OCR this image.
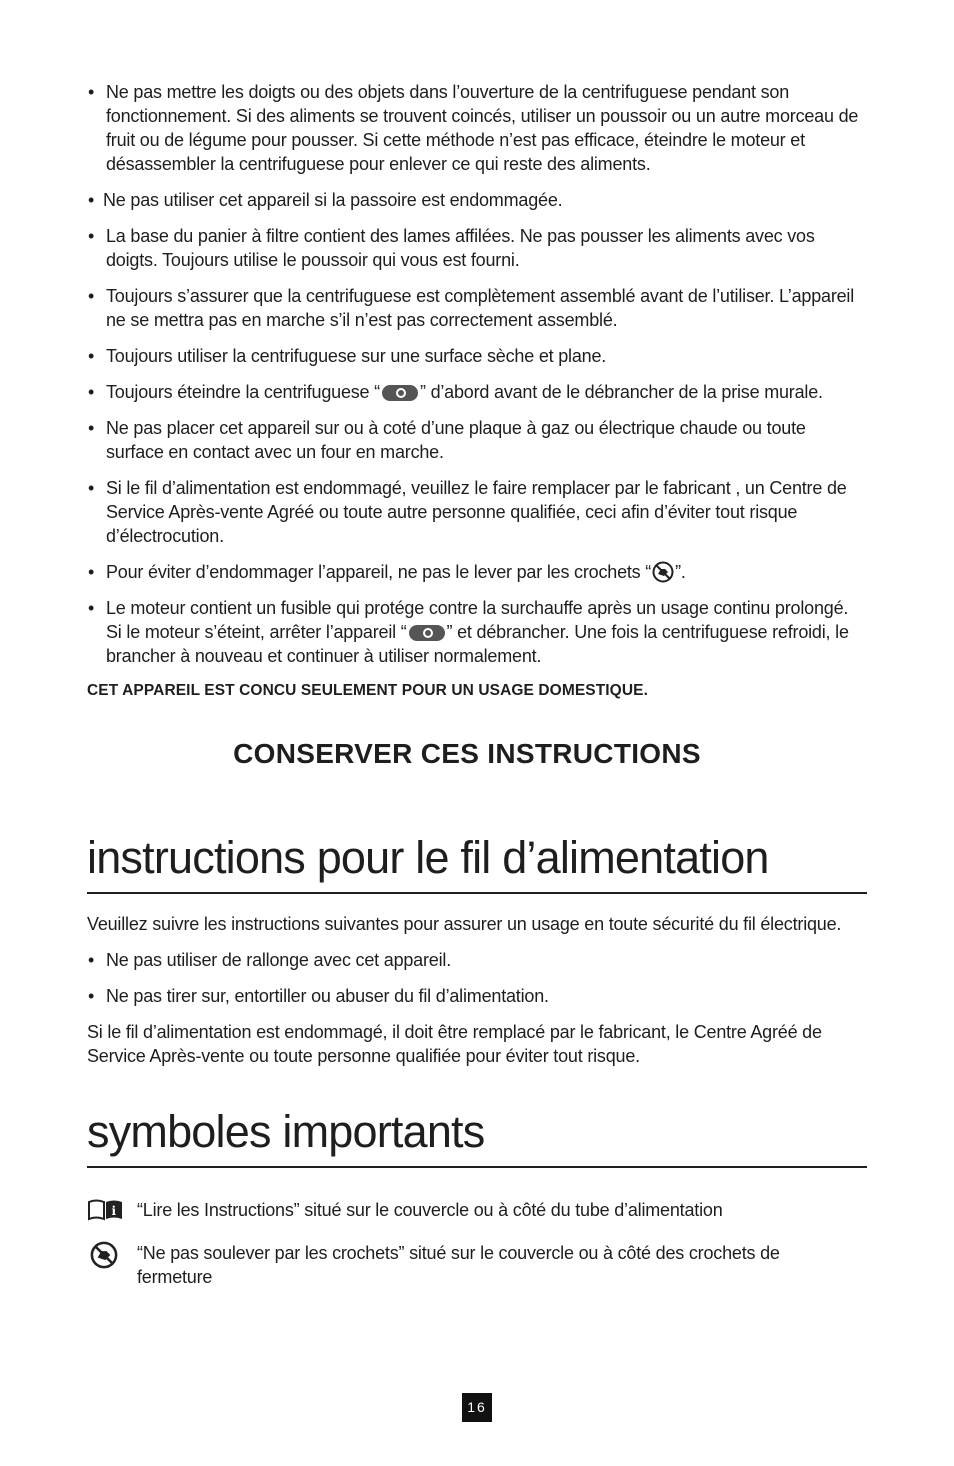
• Ne pas mettre les doigts ou des objets dans l’ouverture de la centrifuguese pendant son fonctionnement. Si des aliments se trouvent coincés, utiliser un poussoir ou un autre morceau de fruit ou de légume pour pousser. Si cette méthode n’est pas efficace, éteindre le moteur et désassembler la centrifuguese pour enlever ce qui reste des aliments.
• Ne pas utiliser cet appareil si la passoire est endommagée.
• La base du panier à filtre contient des lames affilées. Ne pas pousser les aliments avec vos doigts. Toujours utilise le poussoir qui vous est fourni.
• Toujours s’assurer que la centrifuguese est complètement assemblé avant de l’utiliser. L’appareil ne se mettra pas en marche s’il n’est pas correctement assemblé.
• Toujours utiliser la centrifuguese sur une surface sèche et plane.
• Toujours éteindre la centrifuguese “ ” d’abord avant de le débrancher de la prise murale.
• Ne pas placer cet appareil sur ou à coté d’une plaque à gaz ou électrique chaude ou toute surface en contact avec un four en marche.
• Si le fil d’alimentation est endommagé, veuillez le faire remplacer par le fabricant , un Centre de Service Après-vente Agréé ou toute autre personne qualifiée, ceci afin d’éviter tout risque d’électrocution.
• Pour éviter d’endommager l’appareil, ne pas le lever par les crochets “ ”.
• Le moteur contient un fusible qui protége contre la surchauffe après un usage continu prolongé. Si le moteur s’éteint, arrêter l’appareil “ ” et débrancher. Une fois la centrifuguese refroidi, le brancher à nouveau et continuer à utiliser normalement.
CET APPAREIL EST CONCU SEULEMENT POUR UN USAGE DOMESTIQUE.
CONSERVER CES INSTRUCTIONS
instructions pour le fil d’alimentation

Veuillez suivre les instructions suivantes pour assurer un usage en toute sécurité du fil électrique.

• Ne pas utiliser de rallonge avec cet appareil.
• Ne pas tirer sur, entortiller ou abuser du fil d’alimentation.

Si le fil d’alimentation est endommagé, il doit être remplacé par le fabricant, le Centre Agréé de Service Après-vente ou toute personne qualifiée pour éviter tout risque.

symboles importants
i “Lire les Instructions” situé sur le couvercle ou à côté du tube d’alimentation
“Ne pas soulever par les crochets” situé sur le couvercle ou à côté des crochets de fermeture
16
